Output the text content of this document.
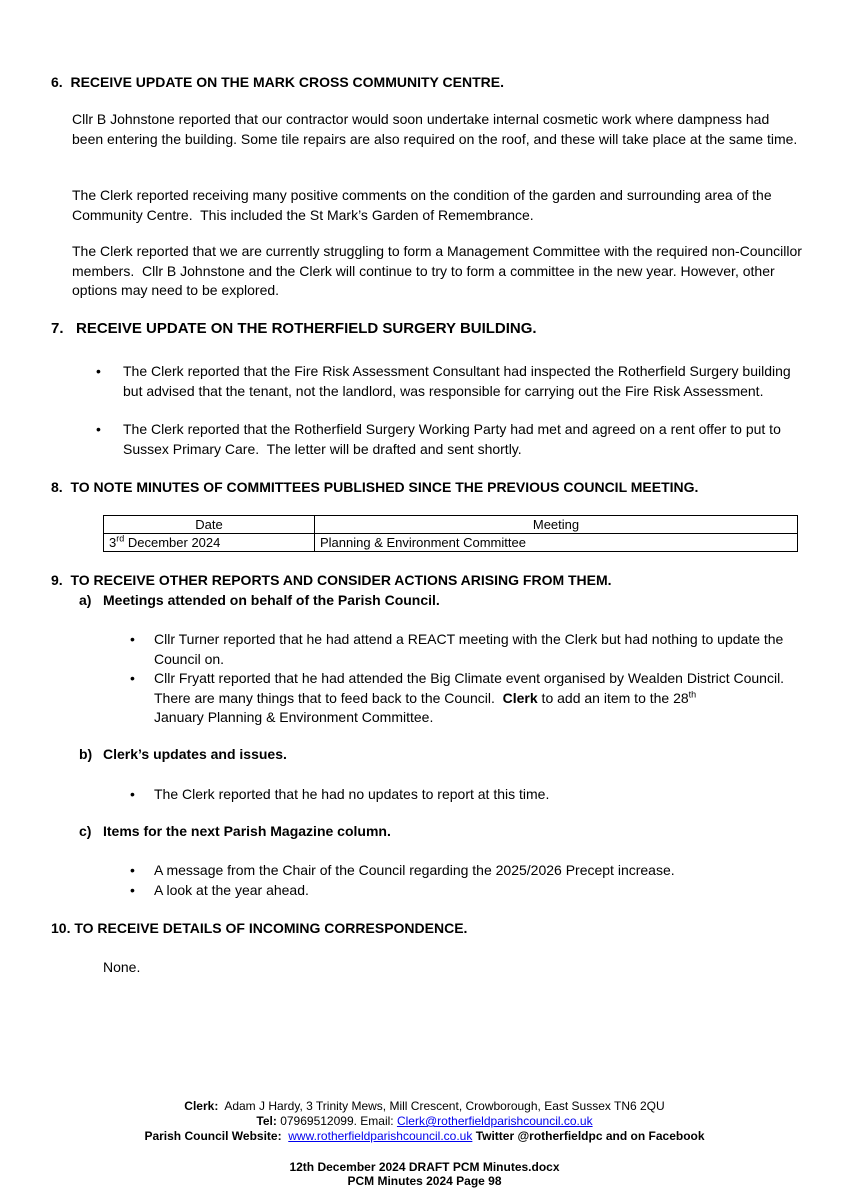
6.  RECEIVE UPDATE ON THE MARK CROSS COMMUNITY CENTRE.
Cllr B Johnstone reported that our contractor would soon undertake internal cosmetic work where dampness had been entering the building. Some tile repairs are also required on the roof, and these will take place at the same time.
The Clerk reported receiving many positive comments on the condition of the garden and surrounding area of the Community Centre.  This included the St Mark’s Garden of Remembrance.
The Clerk reported that we are currently struggling to form a Management Committee with the required non-Councillor members.  Cllr B Johnstone and the Clerk will continue to try to form a committee in the new year. However, other options may need to be explored.
7.   RECEIVE UPDATE ON THE ROTHERFIELD SURGERY BUILDING.
• The Clerk reported that the Fire Risk Assessment Consultant had inspected the Rotherfield Surgery building but advised that the tenant, not the landlord, was responsible for carrying out the Fire Risk Assessment.
• The Clerk reported that the Rotherfield Surgery Working Party had met and agreed on a rent offer to put to Sussex Primary Care.  The letter will be drafted and sent shortly.
8.  TO NOTE MINUTES OF COMMITTEES PUBLISHED SINCE THE PREVIOUS COUNCIL MEETING.
Date	Meeting
3rd December 2024	Planning & Environment Committee
9.  TO RECEIVE OTHER REPORTS AND CONSIDER ACTIONS ARISING FROM THEM.
a) Meetings attended on behalf of the Parish Council.
• Cllr Turner reported that he had attend a REACT meeting with the Clerk but had nothing to update the Council on.
• Cllr Fryatt reported that he had attended the Big Climate event organised by Wealden District Council.  There are many things that to feed back to the Council.  Clerk to add an item to the 28th
January Planning & Environment Committee.
b) Clerk’s updates and issues.
• The Clerk reported that he had no updates to report at this time.
c) Items for the next Parish Magazine column.
• A message from the Chair of the Council regarding the 2025/2026 Precept increase.
• A look at the year ahead.
10. TO RECEIVE DETAILS OF INCOMING CORRESPONDENCE.
None.
Clerk:  Adam J Hardy, 3 Trinity Mews, Mill Crescent, Crowborough, East Sussex TN6 2QU
Tel: 07969512099. Email: Clerk@rotherfieldparishcouncil.co.uk
Parish Council Website:  www.rotherfieldparishcouncil.co.uk Twitter @rotherfieldpc and on Facebook
12th December 2024 DRAFT PCM Minutes.docx
PCM Minutes 2024 Page 98
